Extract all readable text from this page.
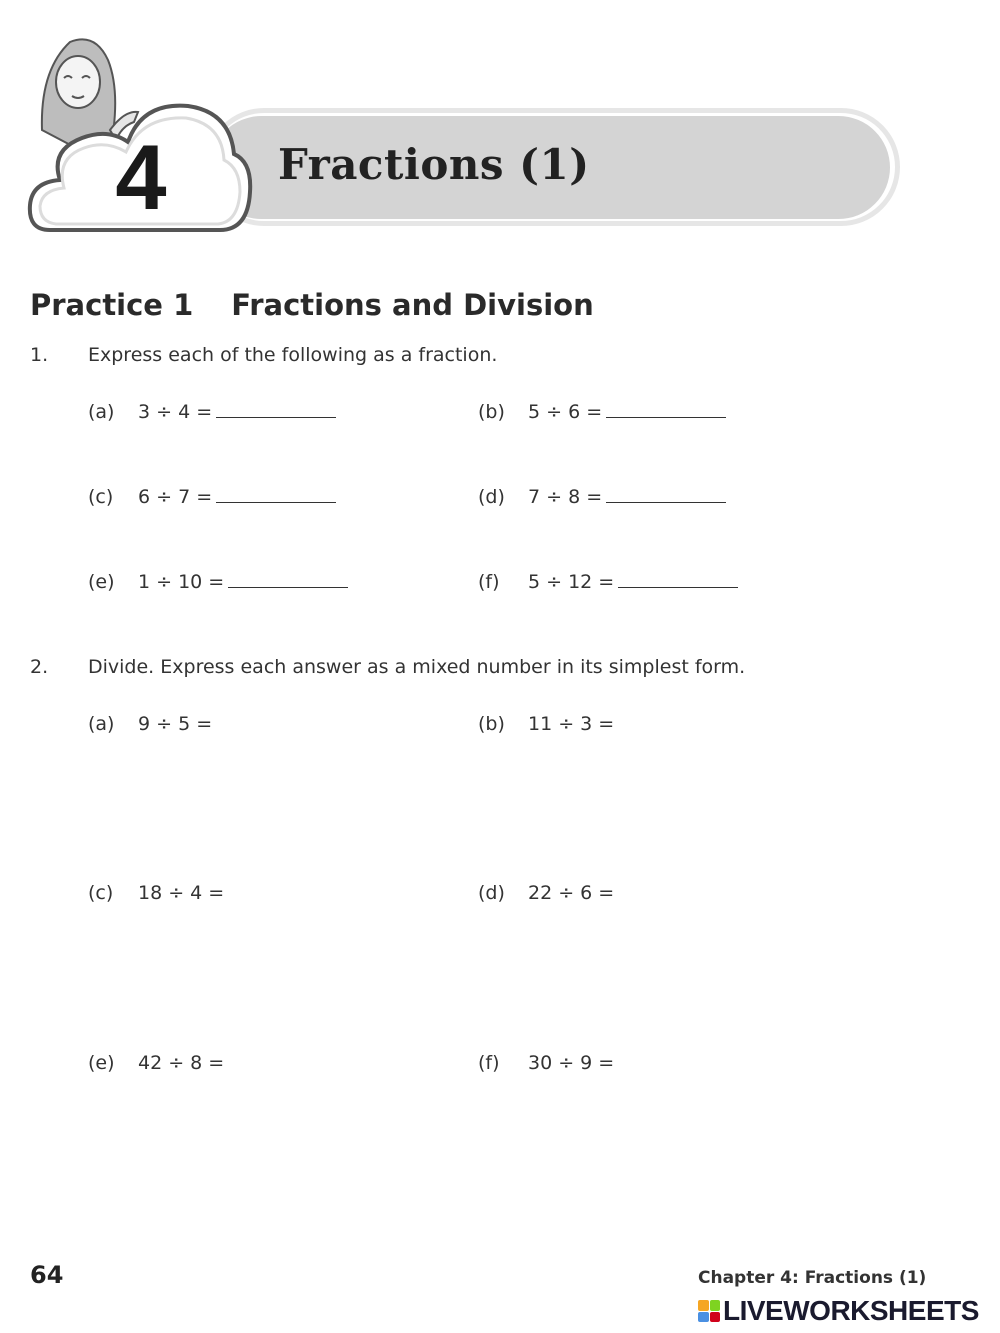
Fractions (1)
4
Practice 1 Fractions and Division
1. Express each of the following as a fraction.
(a) 3 ÷ 4 =	(b) 5 ÷ 6 =
(c) 6 ÷ 7 =	(d) 7 ÷ 8 =
(e) 1 ÷ 10 =	(f) 5 ÷ 12 =
2. Divide. Express each answer as a mixed number in its simplest form.
(a) 9 ÷ 5 =	(b) 11 ÷ 3 =
(c) 18 ÷ 4 =	(d) 22 ÷ 6 =
(e) 42 ÷ 8 =	(f) 30 ÷ 9 =
64	Chapter 4: Fractions (1)
LIVEWORKSHEETS
